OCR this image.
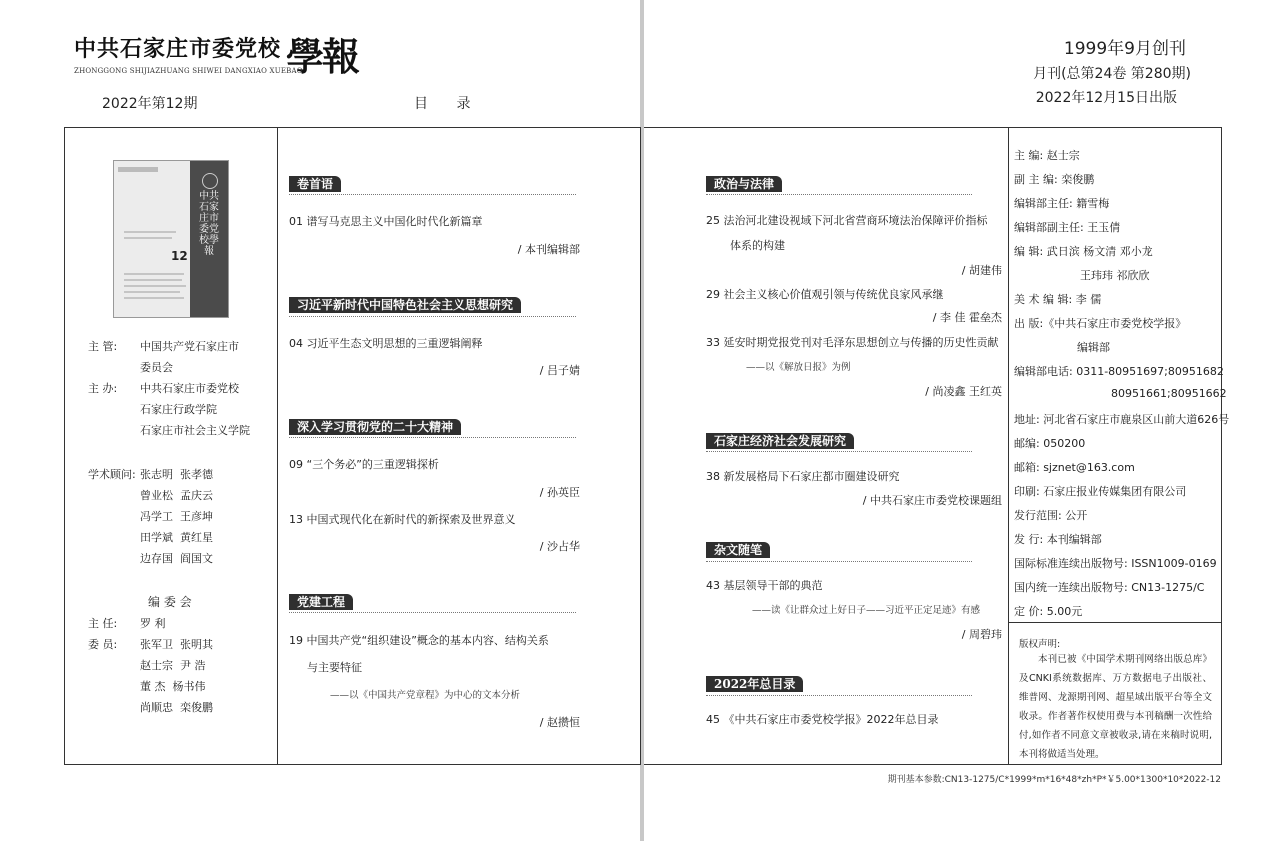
中共石家庄市委党校 學報
ZHONGGONG SHIJIAZHUANG SHIWEI DANGXIAO XUEBAO
2022年第12期	目 录
1999年9月创刊
月刊(总第24卷 第280期)
2022年12月15日出版
中共石家庄市委党校學報
12
主 管: 中国共产党石家庄市
委员会
主 办: 中共石家庄市委党校
石家庄行政学院
石家庄市社会主义学院
学术顾问: 张志明 张孝德
曾业松 孟庆云
冯学工 王彦坤
田学斌 黄红星
边存国 阎国文
编 委 会
主 任: 罗 利
委 员: 张军卫 张明其
赵士宗 尹 浩
董 杰 杨书伟
尚顺忠 栾俊鹏
卷首语
01 谱写马克思主义中国化时代化新篇章
/ 本刊编辑部
习近平新时代中国特色社会主义思想研究
04 习近平生态文明思想的三重逻辑阐释
/ 吕子婧
深入学习贯彻党的二十大精神
09 “三个务必”的三重逻辑探析
/ 孙英臣
13 中国式现代化在新时代的新探索及世界意义
/ 沙占华
党建工程
19 中国共产党“组织建设”概念的基本内容、结构关系
与主要特征
——以《中国共产党章程》为中心的文本分析
/ 赵攒恒
政治与法律
25 法治河北建设视域下河北省营商环境法治保障评价指标
体系的构建
/ 胡建伟
29 社会主义核心价值观引领与传统优良家风承继
/ 李 佳 霍垒杰
33 延安时期党报党刊对毛泽东思想创立与传播的历史性贡献
——以《解放日报》为例
/ 尚凌鑫 王红英
石家庄经济社会发展研究
38 新发展格局下石家庄都市圈建设研究
/ 中共石家庄市委党校课题组
杂文随笔
43 基层领导干部的典范
——读《让群众过上好日子——习近平正定足迹》有感
/ 周碧玮
2022年总目录
45 《中共石家庄市委党校学报》2022年总目录
主 编: 赵士宗
副 主 编: 栾俊鹏
编辑部主任: 籍雪梅
编辑部副主任: 王玉倩
编 辑: 武日滨 杨文清 邓小龙
王玮玮 祁欣欣
美 术 编 辑: 李 儒
出 版:《中共石家庄市委党校学报》
编辑部
编辑部电话: 0311-80951697;80951682
80951661;80951662
地址: 河北省石家庄市鹿泉区山前大道626号
邮编: 050200
邮箱: sjznet@163.com
印刷: 石家庄报业传媒集团有限公司
发行范围: 公开
发 行: 本刊编辑部
国际标准连续出版物号: ISSN1009-0169
国内统一连续出版物号: CN13-1275/C
定 价: 5.00元
版权声明:
本刊已被《中国学术期刊网络出版总库》及CNKI系统数据库、万方数据电子出版社、维普网、龙源期刊网、超星域出版平台等全文收录。作者著作权使用费与本刊稿酬一次性给付,如作者不同意文章被收录,请在来稿时说明,本刊将做适当处理。
期刊基本参数:CN13-1275/C*1999*m*16*48*zh*P*￥5.00*1300*10*2022-12
